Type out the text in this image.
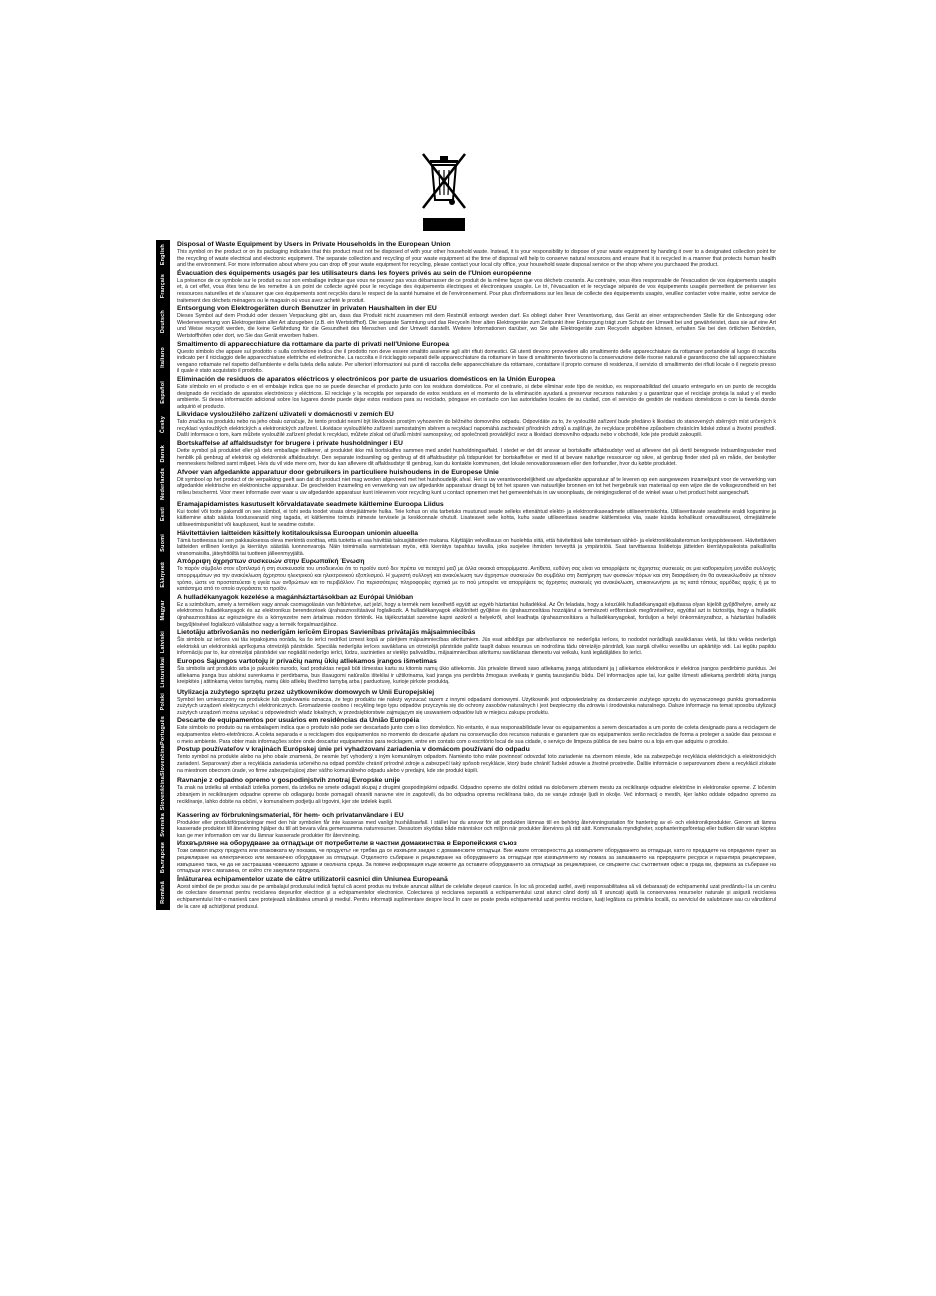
English Disposal of Waste Equipment by Users in Private Households in the European Union
This symbol on the product or on its packaging indicates that this product must not be disposed of with your other household waste. Instead, it is your responsibility to dispose of your waste equipment by handing it over to a designated collection point for the recycling of waste electrical and electronic equipment. The separate collection and recycling of your waste equipment at the time of disposal will help to conserve natural resources and ensure that it is recycled in a manner that protects human health and the environment. For more information about where you can drop off your waste equipment for recycling, please contact your local city office, your household waste disposal service or the shop where you purchased the product.
Français
Évacuation des équipements usagés par les utilisateurs dans les foyers privés au sein de l'Union européenne
La présence de ce symbole sur le produit ou sur son emballage indique que vous ne pouvez pas vous débarrasser de ce produit de la même façon que vos déchets courants. Au contraire, vous êtes responsable de l'évacuation de vos équipements usagés et, à cet effet, vous êtes tenu de les remettre à un point de collecte agréé pour le recyclage des équipements électriques et électroniques usagés. Le tri, l'évacuation et le recyclage séparés de vos équipements usagés permettent de préserver les ressources naturelles et de s'assurer que ces équipements sont recyclés dans le respect de la santé humaine et de l'environnement. Pour plus d'informations sur les lieux de collecte des équipements usagés, veuillez contacter votre mairie, votre service de traitement des déchets ménagers ou le magasin où vous avez acheté le produit.
Deutsch
Entsorgung von Elektrogeräten durch Benutzer in privaten Haushalten in der EU
Dieses Symbol auf dem Produkt oder dessen Verpackung gibt an, dass das Produkt nicht zusammen mit dem Restmüll entsorgt werden darf. Es obliegt daher Ihrer Verantwortung, das Gerät an einer entsprechenden Stelle für die Entsorgung oder Wiederverwertung von Elektrogeräten aller Art abzugeben (z.B. ein Wertstoffhof). Die separate Sammlung und das Recyceln Ihrer alten Elektrogeräte zum Zeitpunkt ihrer Entsorgung trägt zum Schutz der Umwelt bei und gewährleistet, dass sie auf eine Art und Weise recycelt werden, die keine Gefährdung für die Gesundheit des Menschen und der Umwelt darstellt. Weitere Informationen darüber, wo Sie alte Elektrogeräte zum Recyceln abgeben können, erhalten Sie bei den örtlichen Behörden, Wertstoffhöfen oder dort, wo Sie das Gerät erworben haben.
Italiano
Smaltimento di apparecchiature da rottamare da parte di privati nell'Unione Europea
Questo simbolo che appare sul prodotto o sulla confezione indica che il prodotto non deve essere smaltito assieme agli altri rifiuti domestici. Gli utenti devono provvedere allo smaltimento delle apparecchiature da rottamare portandole al luogo di raccolta indicato per il riciclaggio delle apparecchiature elettriche ed elettroniche. La raccolta e il riciclaggio separati delle apparecchiature da rottamare in fase di smaltimento favoriscono la conservazione delle risorse naturali e garantiscono che tali apparecchiature vengano rottamate nel rispetto dell'ambiente e della tutela della salute. Per ulteriori informazioni sui punti di raccolta delle apparecchiature da rottamare, contattare il proprio comune di residenza, il servizio di smaltimento dei rifiuti locale o il negozio presso il quale è stato acquistato il prodotto.
Español
Eliminación de residuos de aparatos eléctricos y electrónicos por parte de usuarios domésticos en la Unión Europea
Este símbolo en el producto o en el embalaje indica que no se puede desechar el producto junto con los residuos domésticos. Por el contrario, si debe eliminar este tipo de residuo, es responsabilidad del usuario entregarlo en un punto de recogida designado de reciclado de aparatos electrónicos y eléctricos. El reciclaje y la recogida por separado de estos residuos en el momento de la eliminación ayudará a preservar recursos naturales y a garantizar que el reciclaje proteja la salud y el medio ambiente. Si desea información adicional sobre los lugares donde puede dejar estos residuos para su reciclado, póngase en contacto con las autoridades locales de su ciudad, con el servicio de gestión de residuos domésticos o con la tienda donde adquirió el producto.
Česky
Likvidace vysloužilého zařízení uživateli v domácnosti v zemích EU
Tato značka na produktu nebo na jeho obalu označuje, že tento produkt nesmí být likvidován prostým vyhozením do běžného domovního odpadu. Odpovídáte za to, že vysloužilé zařízení bude předáno k likvidaci do stanovených sběrných míst určených k recyklaci vysloužilých elektrických a elektronických zařízení. Likvidace vysloužilého zařízení samostatným sběrem a recyklací napomáhá zachování přírodních zdrojů a zajišťuje, že recyklace proběhne způsobem chránícím lidské zdraví a životní prostředí. Další informace o tom, kam můžete vysloužilé zařízení předat k recyklaci, můžete získat od úřadů místní samosprávy, od společnosti provádějící svoz a likvidaci domovního odpadu nebo v obchodě, kde jste produkt zakoupili.
Dansk
Bortskaffelse af affaldsudstyr for brugere i private husholdninger i EU
Dette symbol på produktet eller på dets emballage indikerer, at produktet ikke må bortskaffes sammen med andet husholdningsaffald. I stedet er det dit ansvar at bortskaffe affaldsudstyr ved at aflevere det på dertil beregnede indsamlingssteder med henblik på genbrug af elektrisk og elektronisk affaldsudstyr. Den separate indsamling og genbrug af dit affaldsudstyr på tidspunktet for bortskaffelse er med til at bevare naturlige ressourcer og sikre, at genbrug finder sted på en måde, der beskytter menneskers helbred samt miljøet. Hvis du vil vide mere om, hvor du kan aflevere dit affaldsudstyr til genbrug, kan du kontakte kommunen, det lokale renovationsvæsen eller den forhandler, hvor du købte produktet.
Nederlands Afvoer van afgedankte apparatuur door gebruikers in particuliere huishoudens in de Europese Unie
Dit symbool op het product of de verpakking geeft aan dat dit product niet mag worden afgevoerd met het huishoudelijk afval. Het is uw verantwoordelijkheid uw afgedankte apparatuur af te leveren op een aangewezen inzamelpunt voor de verwerking van afgedankte elektrische en elektronische apparatuur. De gescheiden inzameling en verwerking van uw afgedankte apparatuur draagt bij tot het sparen van natuurlijke bronnen en tot het hergebruik van materiaal op een wijze die de volksgezondheid en het milieu beschermt. Voor meer informatie over waar u uw afgedankte apparatuur kunt inleveren voor recycling kunt u contact opnemen met het gemeentehuis in uw woonplaats, de reinigingsdienst of de winkel waar u het product hebt aangeschaft.
Eesti
Eramajapidamistes kasutuselt kõrvaldatavate seadmete käitlemine Euroopa Liidus
Kui tootel või toote pakendil on see sümbol, ei tohi seda toodet visata olmejäätmete hulka. Teie kohus on viia tarbetuks muutunud seade selleks ettenähtud elektri- ja elektroonikaseadmete utiliseerimiskohta. Utiliseeritavate seadmete eraldi kogumine ja käitlemine aitab säästa loodusvarasid ning tagada, et käitlemine toimub inimeste tervisele ja keskkonnale ohutult. Lisateavet selle kohta, kuhu saate utiliseeritava seadme käitlemiseks viia, saate küsida kohalikust omavalitsusest, olmejäätmete utiliseerimispunktist või kauplusest, kust te seadme ostsite.
Suomi
Hävitettävien laitteiden käsittely kotitalouksissa Euroopan unionin alueella
Tämä tuotteessa tai sen pakkauksessa oleva merkintä osoittaa, että tuotetta ei saa hävittää talousjätteiden mukana. Käyttäjän velvollisuus on huolehtia siitä, että hävitettävä laite toimitetaan sähkö- ja elektroniikkalaiteromun keräyspisteeseen. Hävitettävien laitteiden erillinen keräys ja kierrätys säästää luonnonvaroja. Näin toimimalla varmistetaan myös, että kierrätys tapahtuu tavalla, joka suojelee ihmisten terveyttä ja ympäristöä. Saat tarvittaessa lisätietoja jätteiden kierrätyspaikoista paikallisilta viranomaisilta, jäteyhtiöiltä tai tuotteen jälleenmyyjältä.
Ελληνικά
Απόρριψη άχρηστων συσκευών στην Ευρωπαϊκή Ένωση
Το παρόν σύμβολο στον εξοπλισμό ή στη συσκευασία του υποδεικνύει ότι το προϊόν αυτό δεν πρέπει να πεταχτεί μαζί με άλλα οικιακά απορρίμματα. Αντίθετα, ευθύνη σας είναι να απορρίψετε τις άχρηστες συσκευές σε μια καθορισμένη μονάδα συλλογής απορριμμάτων για την ανακύκλωση άχρηστου ηλεκτρικού και ηλεκτρονικού εξοπλισμού. Η χωριστή συλλογή και ανακύκλωση των άχρηστων συσκευών θα συμβάλει στη διατήρηση των φυσικών πόρων και στη διασφάλιση ότι θα ανακυκλωθούν με τέτοιον τρόπο, ώστε να προστατεύεται η υγεία των ανθρώπων και το περιβάλλον. Για περισσότερες πληροφορίες σχετικά με το πού μπορείτε να απορρίψετε τις άχρηστες συσκευές για ανακύκλωση, επικοινωνήστε με τις κατά τόπους αρμόδιες αρχές ή με το κατάστημα από το οποίο αγοράσατε το προϊόν.
Magyar
A hulladékanyagok kezelése a magánháztartásokban az Európai Unióban
Ez a szimbólum, amely a terméken vagy annak csomagolásán van feltüntetve, azt jelzi, hogy a termék nem kezelhető együtt az egyéb háztartási hulladékkal. Az Ön feladata, hogy a készülék hulladékanyagait eljuttassa olyan kijelölt gyűjtőhelyre, amely az elektromos hulladékanyagok és az elektronikus berendezések újrahasznosításával foglalkozik. A hulladékanyagok elkülönített gyűjtése és újrahasznosítása hozzájárul a természeti erőforrások megőrzéséhez, egyúttal azt is biztosítja, hogy a hulladék újrahasznosítása az egészségre és a környezetre nem ártalmas módon történik. Ha tájékoztatást szeretne kapni azokról a helyekről, ahol leadhatja újrahasznosításra a hulladékanyagokat, forduljon a helyi önkormányzathoz, a háztartási hulladék begyűjtésével foglalkozó vállalathoz vagy a termék forgalmazójához.
Latviski Lietotāju atbrīvošanās no nederīgām ierīcēm Eiropas Savienības privātajās mājsaimniecībās
Šis simbols uz ierīces vai tās iepakojuma norāda, ka šo ierīci nedrīkst izmest kopā ar pārējiem mājsaimniecības atkritumiem. Jūs esat atbildīgs par atbrīvošanos no nederīgās ierīces, to nododot norādītajā savākšanas vietā, lai tiktu veikta nederīgā elektriskā un elektroniskā aprīkojuma otrreizējā pārstrāde. Speciāla nederīgās ierīces savākšana un otrreizējā pārstrāde palīdz taupīt dabas resursus un nodrošina tādu otrreizējo pārstrādi, kas sargā cilvēku veselību un apkārtējo vidi. Lai iegūtu papildu informāciju par to, kur otrreizējai pārstrādei var nogādāt nederīgo ierīci, lūdzu, sazinieties ar vietējo pašvaldību, mājsaimniecības atkritumu savākšanas dienestu vai veikalu, kurā iegādājāties šo ierīci.
Lietuviškai Europos Sąjungos vartotojų ir privačių namų ūkių atliekamos įrangos išmetimas
Šis simbolis ant produkto arba jo pakuotės nurodo, kad produktas negali būti išmestas kartu su kitomis namų ūkio atliekomis. Jūs privalote išmesti savo atliekamą įrangą atiduodami ją į atliekamos elektronikos ir elektros įrangos perdirbimo punktus. Jei atliekama įranga bus atskirai surenkama ir perdirbama, bus išsaugomi natūralūs ištekliai ir užtikrinama, kad įranga yra perdirbta žmogaus sveikatą ir gamtą tausojančiu būdu. Dėl informacijos apie tai, kur galite išmesti atliekamą perdirbti skirtą įrangą kreipkitės į atitinkamą vietos tarnybą, namų ūkio atliekų išvežimo tarnybą arba į parduotuvę, kurioje pirkote produktą.
Polski
Utylizacja zużytego sprzętu przez użytkowników domowych w Unii Europejskiej
Symbol ten umieszczony na produkcie lub opakowaniu oznacza, że tego produktu nie należy wyrzucać razem z innymi odpadami domowymi. Użytkownik jest odpowiedzialny za dostarczenie zużytego sprzętu do wyznaczonego punktu gromadzenia zużytych urządzeń elektrycznych i elektronicznych. Gromadzenie osobno i recykling tego typu odpadów przyczynia się do ochrony zasobów naturalnych i jest bezpieczny dla zdrowia i środowiska naturalnego. Dalsze informacje na temat sposobu utylizacji zużytych urządzeń można uzyskać u odpowiednich władz lokalnych, w przedsiębiorstwie zajmującym się usuwaniem odpadów lub w miejscu zakupu produktu.
Português Descarte de equipamentos por usuários em residências da União Européia
Este símbolo no produto ou na embalagem indica que o produto não pode ser descartado junto com o lixo doméstico. No entanto, é sua responsabilidade levar os equipamentos a serem descartados a um ponto de coleta designado para a reciclagem de equipamentos eletro-eletrônicos. A coleta separada e a reciclagem dos equipamentos no momento do descarte ajudam na conservação dos recursos naturais e garantem que os equipamentos serão reciclados de forma a proteger a saúde das pessoas e o meio ambiente. Para obter mais informações sobre onde descartar equipamentos para reciclagem, entre em contato com o escritório local de sua cidade, o serviço de limpeza pública de seu bairro ou a loja em que adquiriu o produto.
Slovenčina Postup používateľov v krajinách Európskej únie pri vyhadzovaní zariadenia v domácom používaní do odpadu
Tento symbol na produkte alebo na jeho obale znamená, že nesmie byť vyhodený s iným komunálnym odpadom. Namiesto toho máte povinnosť odovzdať toto zariadenie na zbernom mieste, kde sa zabezpečuje recyklácia elektrických a elektronických zariadení. Separovaný zber a recyklácia zariadenia určeného na odpad pomôže chrániť prírodné zdroje a zabezpečí taký spôsob recyklácie, ktorý bude chrániť ľudské zdravie a životné prostredie. Ďalšie informácie o separovanom zbere a recyklácii získate na miestnom obecnom úrade, vo firme zabezpečujúcej zber vášho komunálneho odpadu alebo v predajni, kde ste produkt kúpili.
Slovenščina Ravnanje z odpadno opremo v gospodinjstvih znotraj Evropske unije
Ta znak na izdelku ali embalaži izdelka pomeni, da izdelka ne smete odlagati skupaj z drugimi gospodinjskimi odpadki. Odpadno opremo ste dolžni oddati na določenem zbirnem mestu za recikliranje odpadne električne in elektronske opreme. Z ločenim zbiranjem in recikliranjem odpadne opreme ob odlaganju boste pomagali ohraniti naravne vire in zagotovili, da bo odpadna oprema reciklirana tako, da se varuje zdravje ljudi in okolje. Več informacij o mestih, kjer lahko oddate odpadno opremo za recikliranje, lahko dobite na občini, v komunalnem podjetju ali trgovini, kjer ste izdelek kupili.
Svenska Kassering av förbrukningsmaterial, för hem- och privatanvändare i EU
Produkter eller produktförpackningar med den här symbolen får inte kasseras med vanligt hushållsavfall. I stället har du ansvar för att produkten lämnas till en behörig återvinningsstation för hantering av el- och elektronikprodukter. Genom att lämna kasserade produkter till återvinning hjälper du till att bevara våra gemensamma naturresurser. Dessutom skyddas både människor och miljön när produkter återvinns på rätt sätt. Kommunala myndigheter, sophanteringsföretag eller butiken där varan köptes kan ge mer information om var du lämnar kasserade produkter för återvinning.
Български Изхвърляне на оборудване за отпадъци от потребители в частни домакинства в Европейския съюз
Този символ върху продукта или опаковката му показва, че продуктът не трябва да се изхвърля заедно с домакинските отпадъци. Вие имате отговорността да изхвърлите оборудването за отпадъци, като го предадете на определен пункт за рециклиране на електрическо или механично оборудване за отпадъци. Отделното събиране и рециклиране на оборудването за отпадъци при изхвърлянето му помага за запазването на природните ресурси и гарантира рециклиране, извършено така, че да не застрашава човешкото здраве и околната среда. За повече информация къде можете да оставите оборудването за отпадъци за рециклиране, се свържете със съответния офис в града ви, фирмата за събиране на отпадъци или с магазина, от който сте закупили продукта.
Română
Înlăturarea echipamentelor uzate de către utilizatorii casnici din Uniunea Europeană
Acest simbol de pe produs sau de pe ambalajul produsului indică faptul că acest produs nu trebuie aruncat alături de celelalte deșeuri casnice. În loc să procedați astfel, aveți responsabilitatea să vă debarasați de echipamentul uzat predându-l la un centru de colectare desemnat pentru reciclarea deșeurilor electrice și a echipamentelor electronice. Colectarea și reciclarea separată a echipamentului uzat atunci când doriți să îl aruncați ajută la conservarea resurselor naturale și asigură reciclarea echipamentului într-o manieră care protejează sănătatea umană și mediul. Pentru informații suplimentare despre locul în care se poate preda echipamentul uzat pentru reciclare, luați legătura cu primăria locală, cu serviciul de salubrizare sau cu vânzătorul de la care ați achiziționat produsul.
